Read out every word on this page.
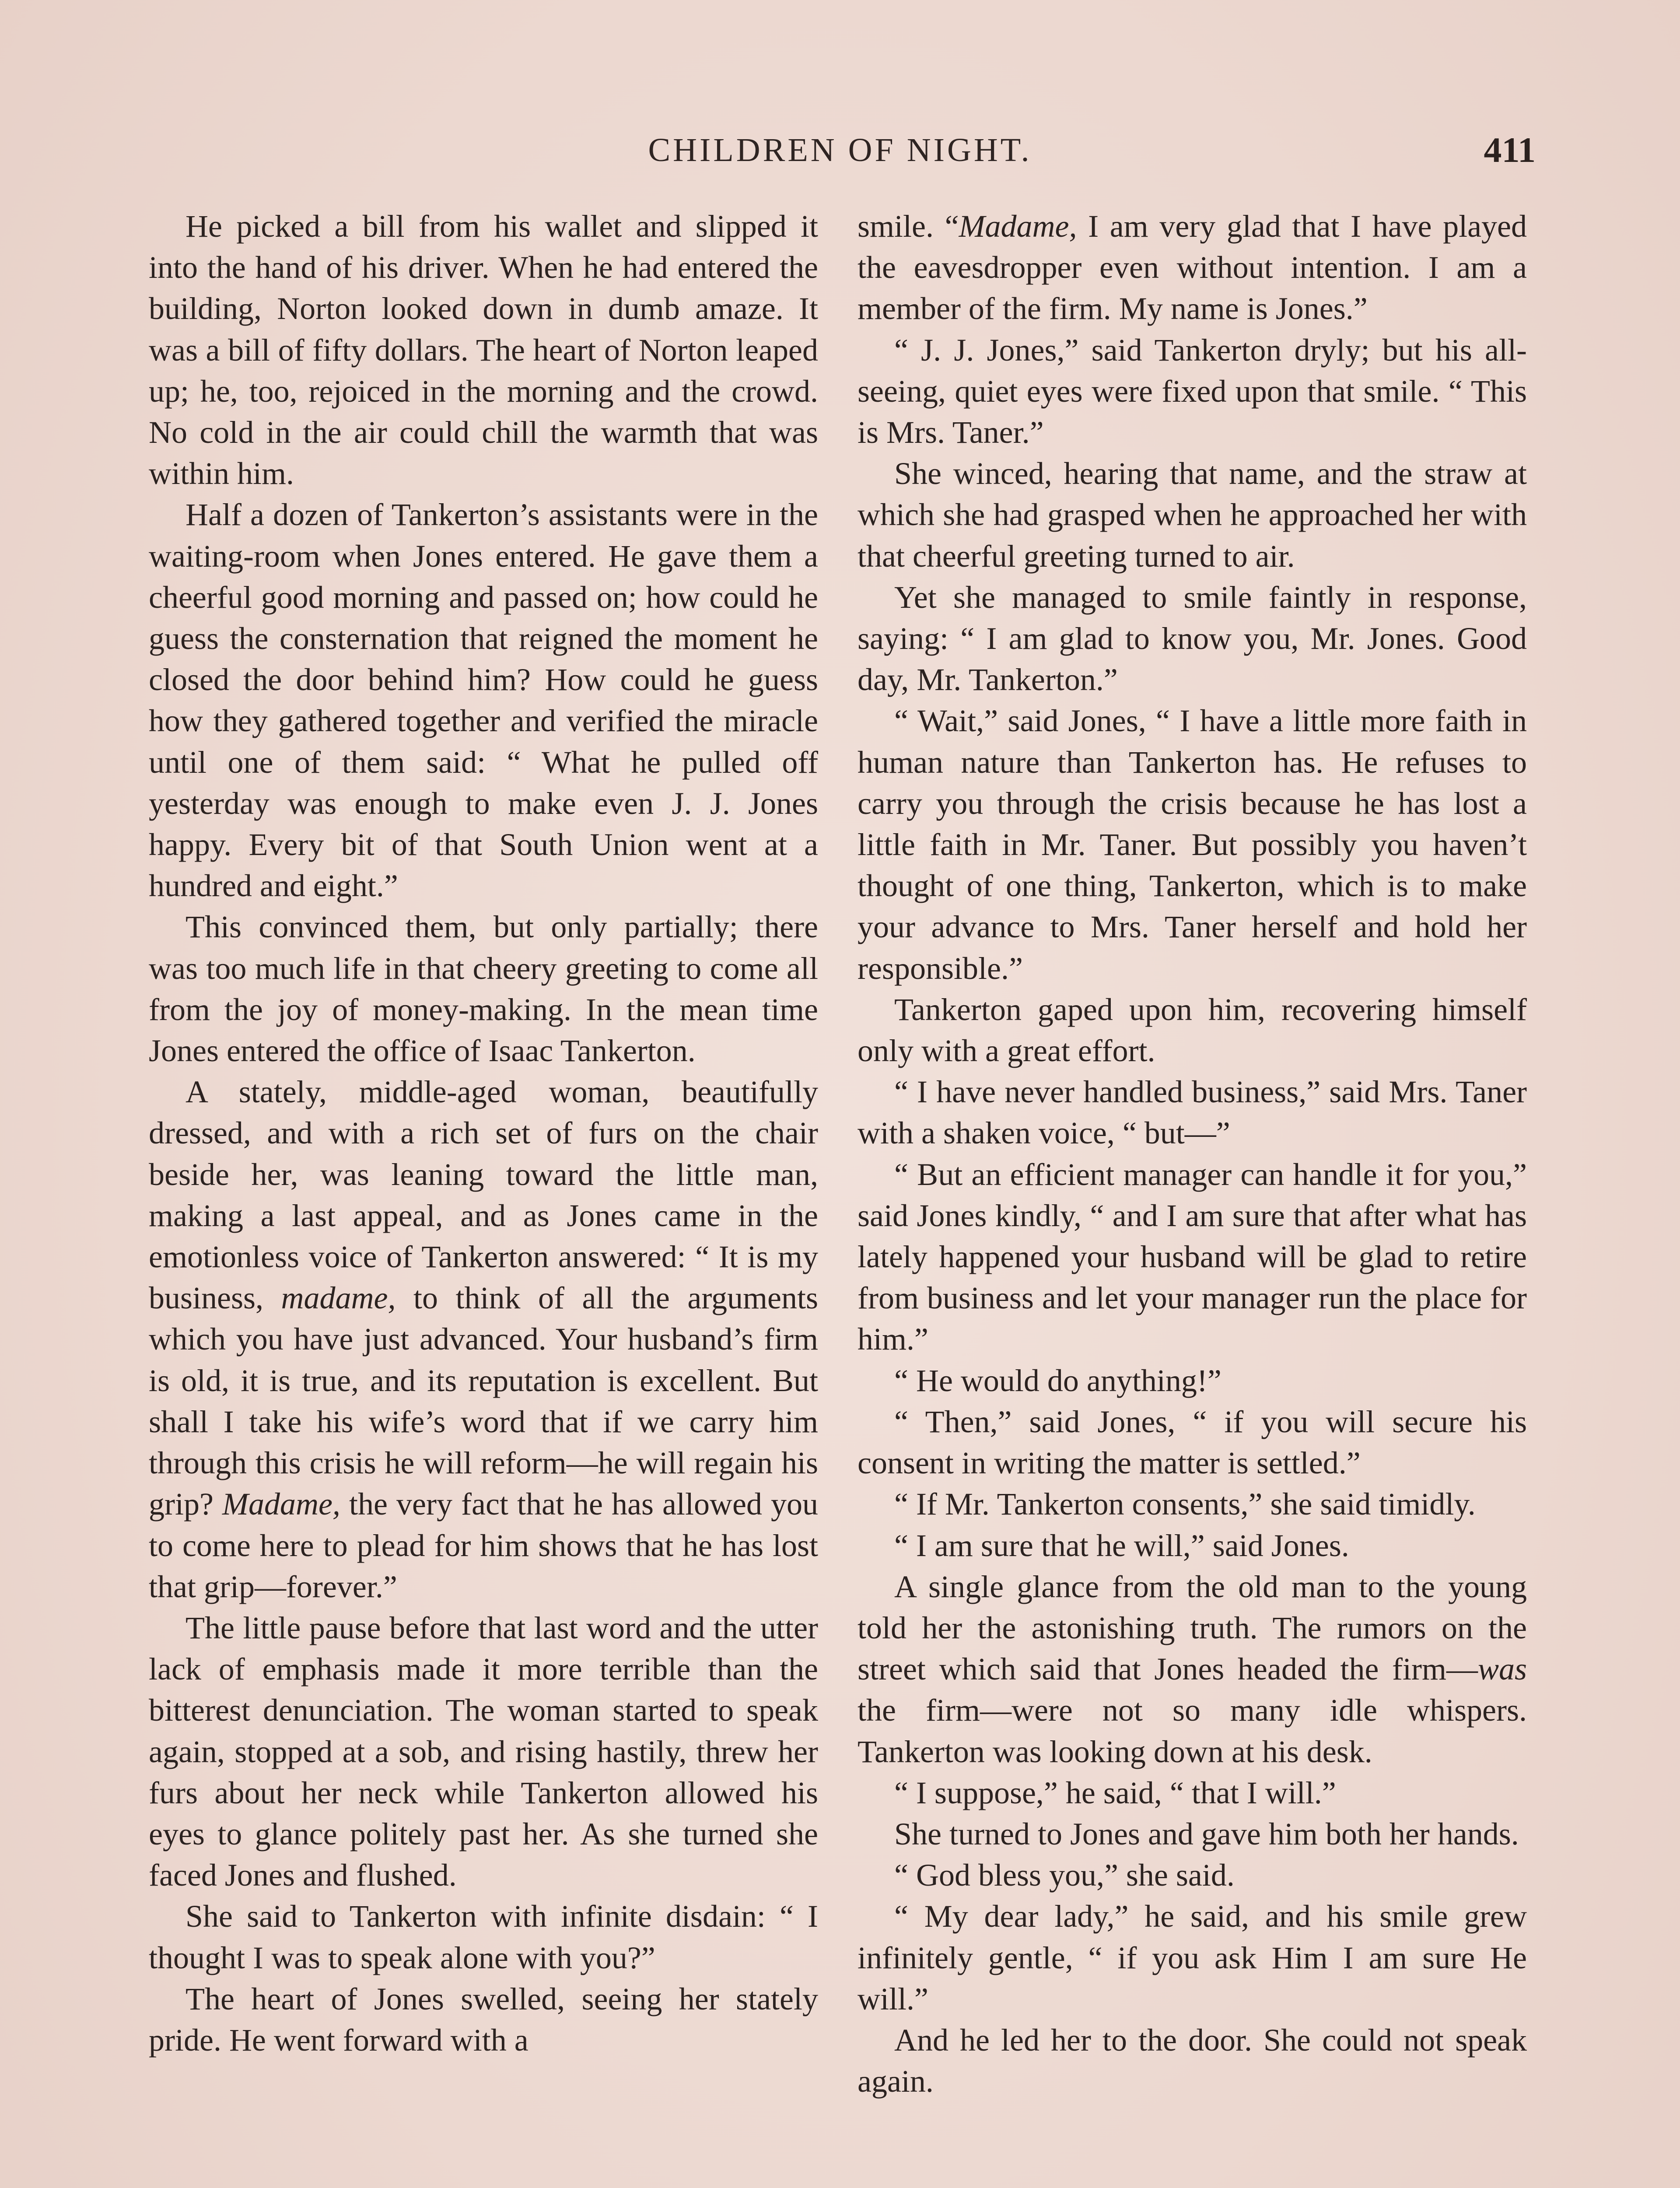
CHILDREN OF NIGHT.	411

He picked a bill from his wallet and slipped it into the hand of his driver. When he had entered the building, Norton looked down in dumb amaze. It was a bill of fifty dollars. The heart of Norton leaped up; he, too, rejoiced in the morning and the crowd. No cold in the air could chill the warmth that was within him.

Half a dozen of Tankerton’s assistants were in the waiting-room when Jones entered. He gave them a cheerful good morning and passed on; how could he guess the consternation that reigned the moment he closed the door behind him? How could he guess how they gathered together and verified the miracle until one of them said: “ What he pulled off yesterday was enough to make even J. J. Jones happy. Every bit of that South Union went at a hundred and eight.”

This convinced them, but only partially; there was too much life in that cheery greeting to come all from the joy of money-making. In the mean time Jones entered the office of Isaac Tankerton.

A stately, middle-aged woman, beautifully dressed, and with a rich set of furs on the chair beside her, was leaning toward the little man, making a last appeal, and as Jones came in the emotionless voice of Tankerton answered: “ It is my business, madame, to think of all the arguments which you have just advanced. Your husband’s firm is old, it is true, and its reputation is excellent. But shall I take his wife’s word that if we carry him through this crisis he will reform—he will regain his grip? Madame, the very fact that he has allowed you to come here to plead for him shows that he has lost that grip—forever.”

The little pause before that last word and the utter lack of emphasis made it more terrible than the bitterest denunciation. The woman started to speak again, stopped at a sob, and rising hastily, threw her furs about her neck while Tankerton allowed his eyes to glance politely past her. As she turned she faced Jones and flushed.

She said to Tankerton with infinite disdain: “ I thought I was to speak alone with you?”

The heart of Jones swelled, seeing her stately pride. He went forward with a

smile. “Madame, I am very glad that I have played the eavesdropper even without intention. I am a member of the firm. My name is Jones.”

“ J. J. Jones,” said Tankerton dryly; but his all-seeing, quiet eyes were fixed upon that smile. “ This is Mrs. Taner.”

She winced, hearing that name, and the straw at which she had grasped when he approached her with that cheerful greeting turned to air.

Yet she managed to smile faintly in response, saying: “ I am glad to know you, Mr. Jones. Good day, Mr. Tankerton.”

“ Wait,” said Jones, “ I have a little more faith in human nature than Tankerton has. He refuses to carry you through the crisis because he has lost a little faith in Mr. Taner. But possibly you haven’t thought of one thing, Tankerton, which is to make your advance to Mrs. Taner herself and hold her responsible.”

Tankerton gaped upon him, recovering himself only with a great effort.

“ I have never handled business,” said Mrs. Taner with a shaken voice, “ but—”

“ But an efficient manager can handle it for you,” said Jones kindly, “ and I am sure that after what has lately happened your husband will be glad to retire from business and let your manager run the place for him.”

“ He would do anything!”

“ Then,” said Jones, “ if you will secure his consent in writing the matter is settled.”

“ If Mr. Tankerton consents,” she said timidly.

“ I am sure that he will,” said Jones.

A single glance from the old man to the young told her the astonishing truth. The rumors on the street which said that Jones headed the firm—was the firm—were not so many idle whispers. Tankerton was looking down at his desk.

“ I suppose,” he said, “ that I will.”

She turned to Jones and gave him both her hands.

“ God bless you,” she said.

“ My dear lady,” he said, and his smile grew infinitely gentle, “ if you ask Him I am sure He will.”

And he led her to the door. She could not speak again.
